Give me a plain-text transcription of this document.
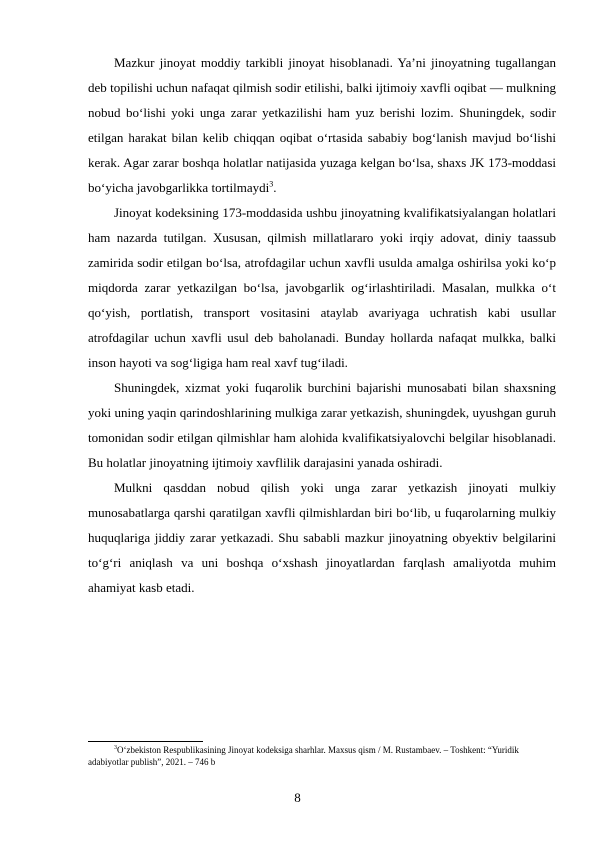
Mazkur jinoyat moddiy tarkibli jinoyat hisoblanadi. Ya’ni jinoyatning tugallangan deb topilishi uchun nafaqat qilmish sodir etilishi, balki ijtimoiy xavfli oqibat — mulkning nobud bo‘lishi yoki unga zarar yetkazilishi ham yuz berishi lozim. Shuningdek, sodir etilgan harakat bilan kelib chiqqan oqibat o‘rtasida sababiy bog‘lanish mavjud bo‘lishi kerak. Agar zarar boshqa holatlar natijasida yuzaga kelgan bo‘lsa, shaxs JK 173-moddasi bo‘yicha javobgarlikka tortilmaydi$^3$.

Jinoyat kodeksining 173-moddasida ushbu jinoyatning kvalifikatsiyalangan holatlari ham nazarda tutilgan. Xususan, qilmish millatlararo yoki irqiy adovat, diniy taassub zamirida sodir etilgan bo‘lsa, atrofdagilar uchun xavfli usulda amalga oshirilsa yoki ko‘p miqdorda zarar yetkazilgan bo‘lsa, javobgarlik og‘irlashtiriladi. Masalan, mulkka o‘t qo‘yish, portlatish, transport vositasini ataylab avariyaga uchratish kabi usullar atrofdagilar uchun xavfli usul deb baholanadi. Bunday hollarda nafaqat mulkka, balki inson hayoti va sog‘ligiga ham real xavf tug‘iladi.

Shuningdek, xizmat yoki fuqarolik burchini bajarishi munosabati bilan shaxsning yoki uning yaqin qarindoshlarining mulkiga zarar yetkazish, shuningdek, uyushgan guruh tomonidan sodir etilgan qilmishlar ham alohida kvalifikatsiyalovchi belgilar hisoblanadi. Bu holatlar jinoyatning ijtimoiy xavflilik darajasini yanada oshiradi.

Mulkni qasddan nobud qilish yoki unga zarar yetkazish jinoyati mulkiy munosabatlarga qarshi qaratilgan xavfli qilmishlardan biri bo‘lib, u fuqarolarning mulkiy huquqlariga jiddiy zarar yetkazadi. Shu sababli mazkur jinoyatning obyektiv belgilarini to‘g‘ri aniqlash va uni boshqa o‘xshash jinoyatlardan farqlash amaliyotda muhim ahamiyat kasb etadi.

$^3$O‘zbekiston Respublikasining Jinoyat kodeksiga sharhlar. Maxsus qism / M. Rustambaev. – Toshkent: “Yuridik adabiyotlar publish”, 2021. – 746 b

8
